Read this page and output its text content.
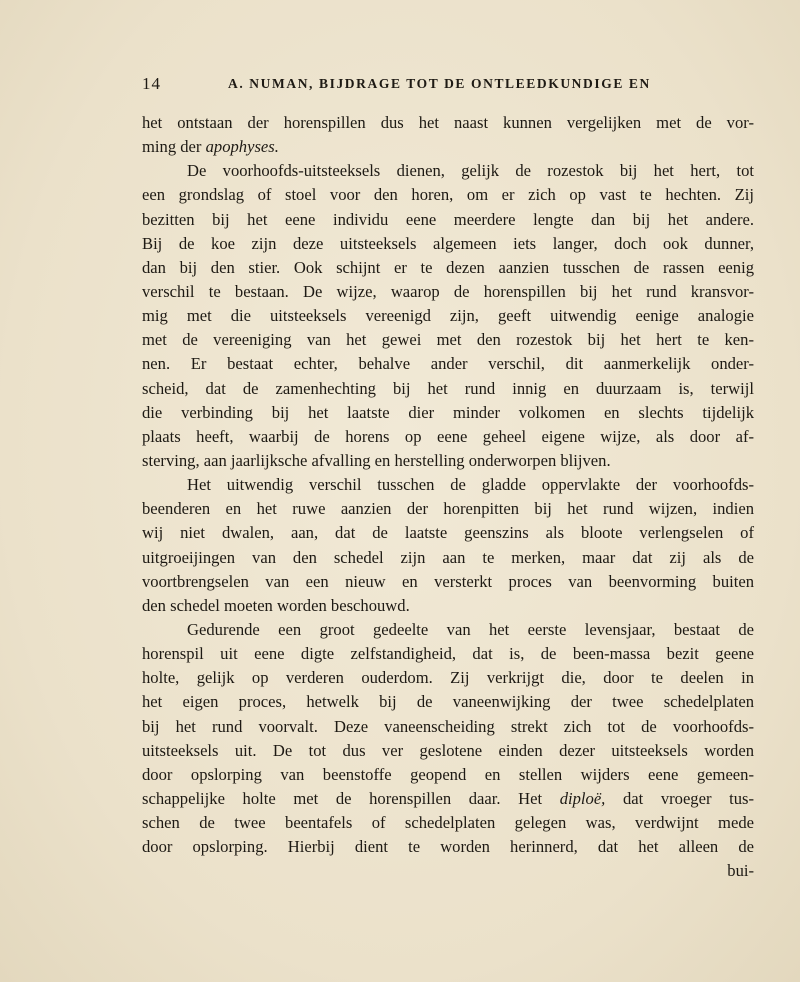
14	A. NUMAN, BIJDRAGE TOT DE ONTLEEDKUNDIGE EN
het ontstaan der horenspillen dus het naast kunnen vergelijken met de vor-
ming der apophyses.
De voorhoofds-uitsteeksels dienen, gelijk de rozestok bij het hert, tot
een grondslag of stoel voor den horen, om er zich op vast te hechten. Zij
bezitten bij het eene individu eene meerdere lengte dan bij het andere.
Bij de koe zijn deze uitsteeksels algemeen iets langer, doch ook dunner,
dan bij den stier. Ook schijnt er te dezen aanzien tusschen de rassen eenig
verschil te bestaan. De wijze, waarop de horenspillen bij het rund kransvor-
mig met die uitsteeksels vereenigd zijn, geeft uitwendig eenige analogie
met de vereeniging van het gewei met den rozestok bij het hert te ken-
nen. Er bestaat echter, behalve ander verschil, dit aanmerkelijk onder-
scheid, dat de zamenhechting bij het rund innig en duurzaam is, terwijl
die verbinding bij het laatste dier minder volkomen en slechts tijdelijk
plaats heeft, waarbij de horens op eene geheel eigene wijze, als door af-
sterving, aan jaarlijksche afvalling en herstelling onderworpen blijven.
Het uitwendig verschil tusschen de gladde oppervlakte der voorhoofds-
beenderen en het ruwe aanzien der horenpitten bij het rund wijzen, indien
wij niet dwalen, aan, dat de laatste geenszins als bloote verlengselen of
uitgroeijingen van den schedel zijn aan te merken, maar dat zij als de
voortbrengselen van een nieuw en versterkt proces van beenvorming buiten
den schedel moeten worden beschouwd.
Gedurende een groot gedeelte van het eerste levensjaar, bestaat de
horenspil uit eene digte zelfstandigheid, dat is, de been-massa bezit geene
holte, gelijk op verderen ouderdom. Zij verkrijgt die, door te deelen in
het eigen proces, hetwelk bij de vaneenwijking der twee schedelplaten
bij het rund voorvalt. Deze vaneenscheiding strekt zich tot de voorhoofds-
uitsteeksels uit. De tot dus ver geslotene einden dezer uitsteeksels worden
door opslorping van beenstoffe geopend en stellen wijders eene gemeen-
schappelijke holte met de horenspillen daar. Het diploë, dat vroeger tus-
schen de twee beentafels of schedelplaten gelegen was, verdwijnt mede
door opslorping. Hierbij dient te worden herinnerd, dat het alleen de
bui-
